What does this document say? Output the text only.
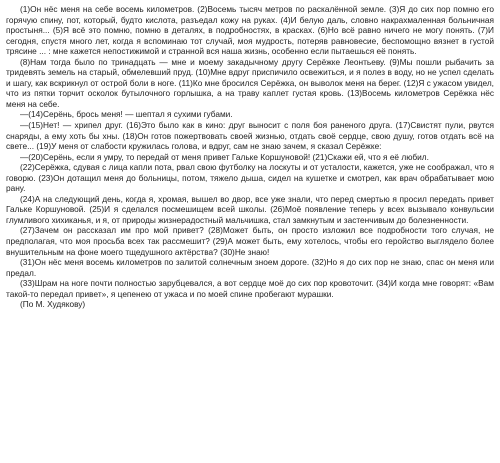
(1)Он нёс меня на себе восемь километров. (2)Восемь тысяч метров по раскалённой земле. (3)Я до сих пор помню его горячую спину, пот, который, будто кислота, разъедал кожу на руках. (4)И белую даль, словно накрахмаленная больничная простыня... (5)Я всё это помню, помню в деталях, в подробностях, в красках. (6)Но всё равно ничего не могу понять. (7)И сегодня, спустя много лет, когда я вспоминаю тот случай, моя мудрость, потеряв равновесие, беспомощно вязнет в густой трясине ... : мне кажется непостижимой и странной вся наша жизнь, особенно если пытаешься её понять.

(8)Нам тогда было по тринадцать — мне и моему закадычному другу Серёжке Леонтьеву. (9)Мы пошли рыбачить за тридевять земель на старый, обмелевший пруд. (10)Мне вдруг приспичило освежиться, и я полез в воду, но не успел сделать и шагу, как вскрикнул от острой боли в ноге. (11)Ко мне бросился Серёжка, он выволок меня на берег. (12)Я с ужасом увидел, что из пятки торчит осколок бутылочного горлышка, а на траву каплет густая кровь. (13)Восемь километров Серёжка нёс меня на себе.

—(14)Серёнь, брось меня! — шептал я сухими губами.

—(15)Нет! — хрипел друг. (16)Это было как в кино: друг выносит с поля боя раненого друга. (17)Свистят пули, рвутся снаряды, а ему хоть бы хны. (18)Он готов пожертвовать своей жизнью, отдать своё сердце, свою душу, готов отдать всё на свете... (19)У меня от слабости кружилась голова, и вдруг, сам не знаю зачем, я сказал Серёжке:

—(20)Серёнь, если я умру, то передай от меня привет Гальке Коршуновой! (21)Скажи ей, что я её любил.

(22)Серёжка, сдувая с лица капли пота, рвал свою футболку на лоскуты и от усталости, кажется, уже не соображал, что я говорю. (23)Он дотащил меня до больницы, потом, тяжело дыша, сидел на кушетке и смотрел, как врач обрабатывает мою рану.

(24)А на следующий день, когда я, хромая, вышел во двор, все уже знали, что перед смертью я просил передать привет Гальке Коршуновой. (25)И я сделался посмешищем всей школы. (26)Моё появление теперь у всех вызывало конвульсии глумливого хихиканья, и я, от природы жизнерадостный мальчишка, стал замкнутым и застенчивым до болезненности.

(27)Зачем он рассказал им про мой привет? (28)Может быть, он просто изложил все подробности того случая, не предполагая, что моя просьба всех так рассмешит? (29)А может быть, ему хотелось, чтобы его геройство выглядело более внушительным на фоне моего тщедушного актёрства? (30)Не знаю!

(31)Он нёс меня восемь километров по залитой солнечным зноем дороге. (32)Но я до сих пор не знаю, спас он меня или предал.

(33)Шрам на ноге почти полностью зарубцевался, а вот сердце моё до сих пор кровоточит. (34)И когда мне говорят: «Вам такой-то передал привет», я цепенею от ужаса и по моей спине пробегают мурашки.

(По М. Худякову)
